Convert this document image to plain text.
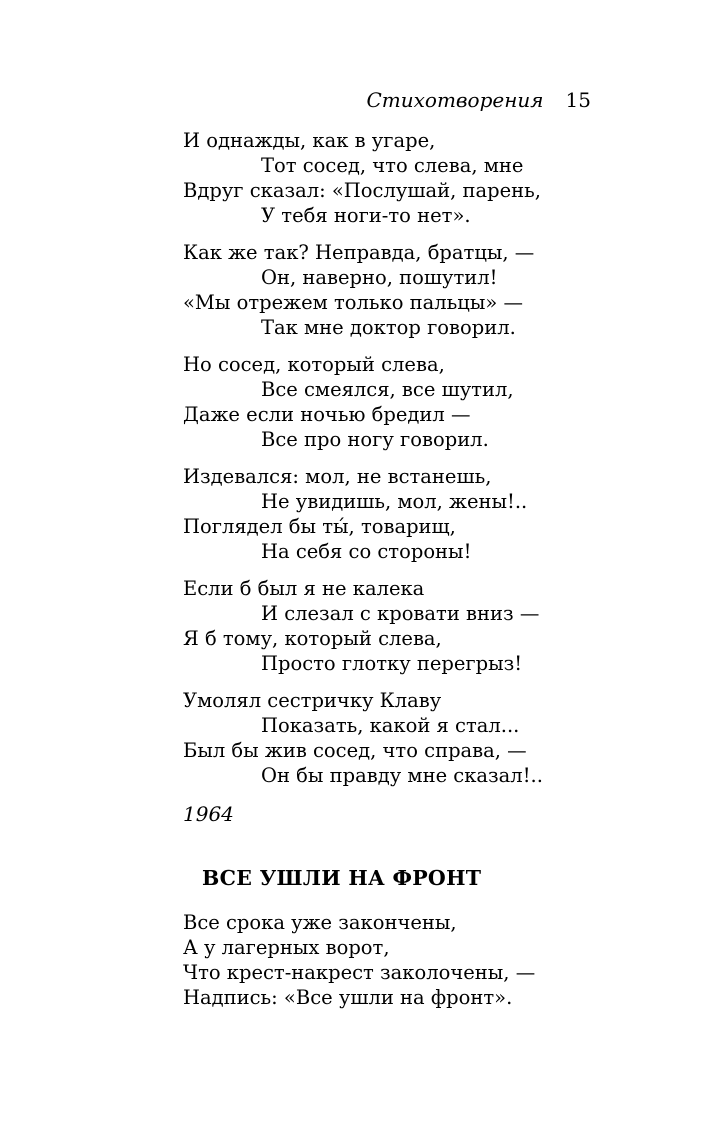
Стихотворения 15
И однажды, как в угаре,
Тот сосед, что слева, мне
Вдруг сказал: «Послушай, парень,
У тебя ноги-то нет».
Как же так? Неправда, братцы, —
Он, наверно, пошутил!
«Мы отрежем только пальцы» —
Так мне доктор говорил.
Но сосед, который слева,
Все смеялся, все шутил,
Даже если ночью бредил —
Все про ногу говорил.
Издевался: мол, не встанешь,
Не увидишь, мол, жены!..
Поглядел бы ты́, товарищ,
На себя со стороны!
Если б был я не калека
И слезал с кровати вниз —
Я б тому, который слева,
Просто глотку перегрыз!
Умолял сестричку Клаву
Показать, какой я стал...
Был бы жив сосед, что справа, —
Он бы правду мне сказал!..
1964
ВСЕ УШЛИ НА ФРОНТ
Все срока уже закончены,
А у лагерных ворот,
Что крест-накрест заколочены, —
Надпись: «Все ушли на фронт».
